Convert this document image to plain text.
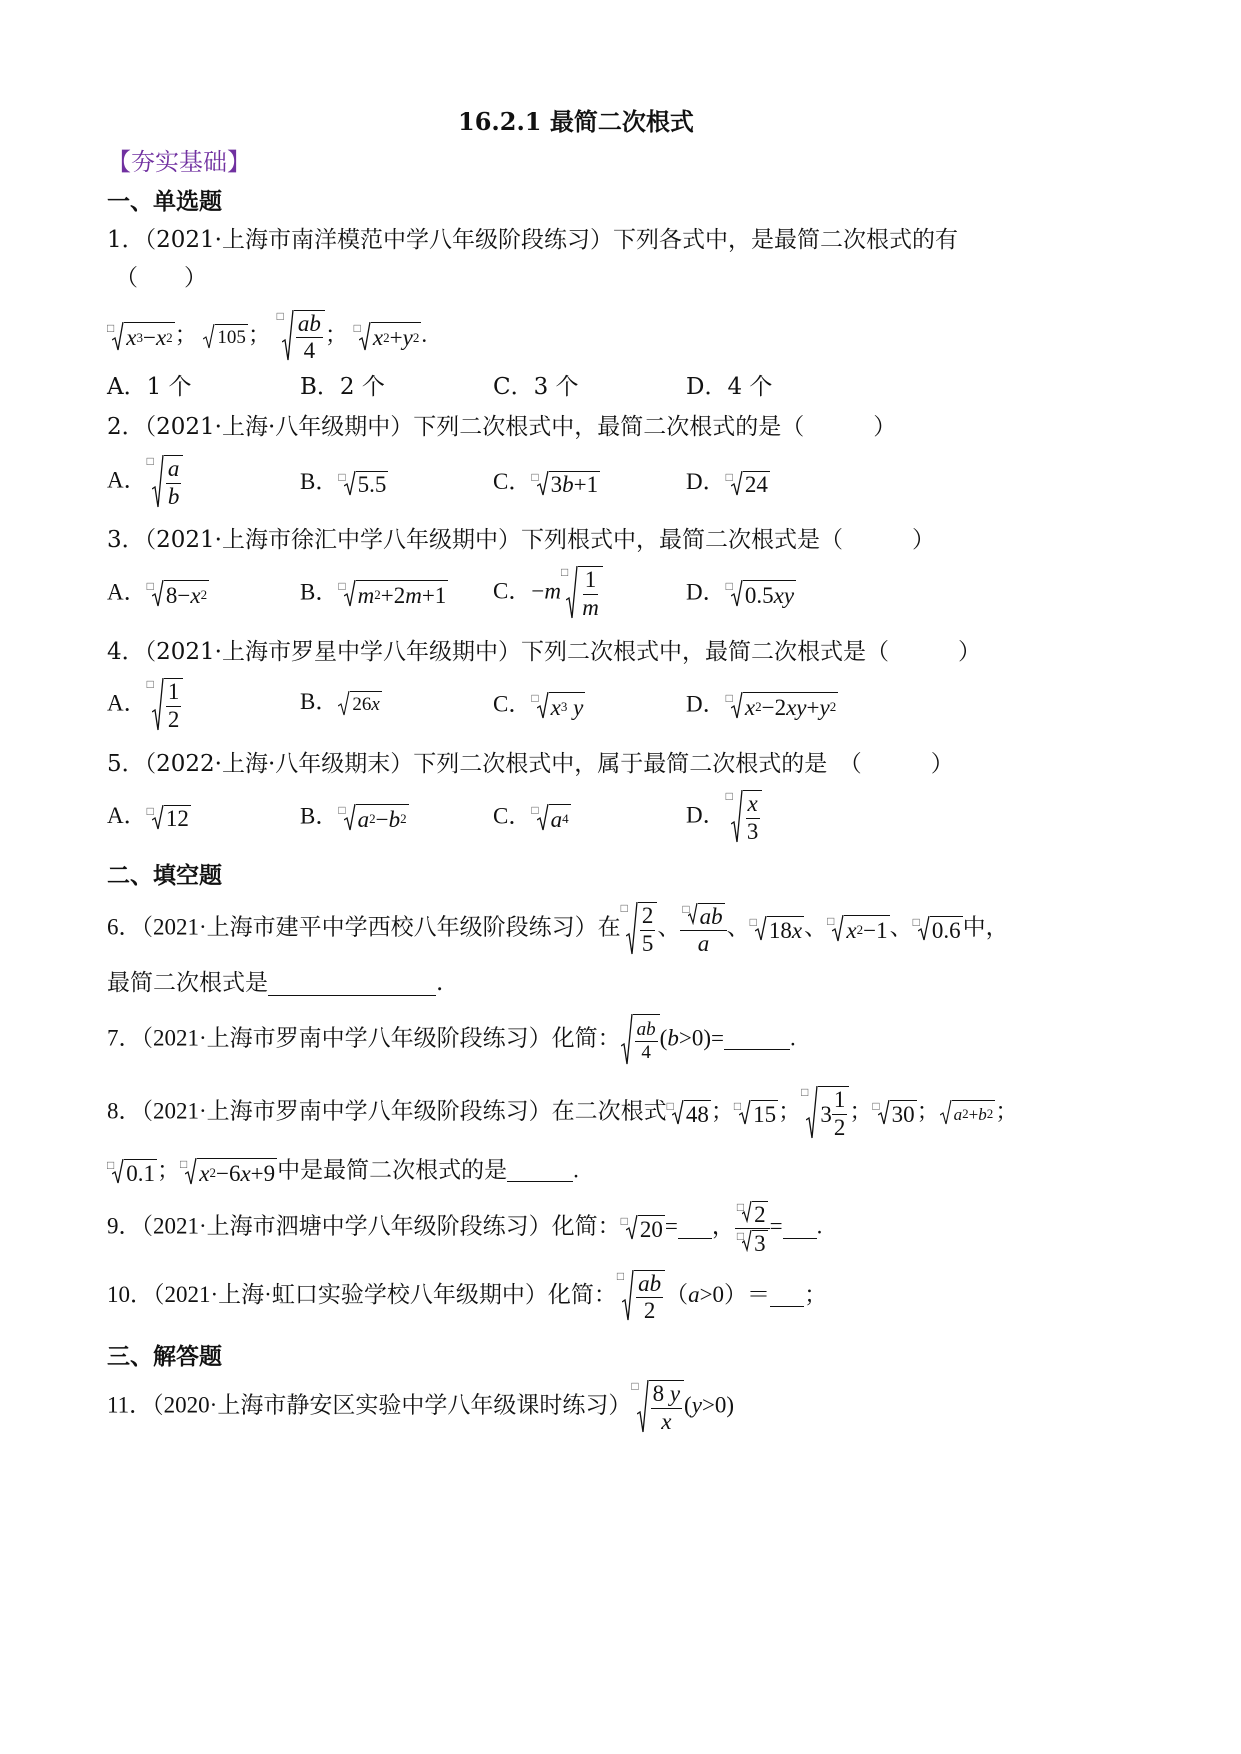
16.2.1 最简二次根式
【夯实基础】
一、单选题
1．（2021·上海市南洋模范中学八年级阶段练习）下列各式中，是最简二次根式的有
（　　）
□ x 3 − x 2 ； 105 ；
□ $\frac{ab}{4}$ ； □ x 2 + y 2 .
A．1 个	B．2 个	C．3 个	D．4 个
2．（2021·上海·八年级期中）下列二次根式中，最简二次根式的是（　　　）
A．
□ $\frac{a}{b}$	B． □ 5.5	C． □ 3 b +1	D． □ 24
3．（2021·上海市徐汇中学八年级期中）下列根式中，最简二次根式是（　　　）
A． □ 8− x 2	B． □ m 2 +2 m +1 C．−m
□ $\frac{1}{m}$	D． □ 0.5 xy
4．（2021·上海市罗星中学八年级期中）下列二次根式中，最简二次根式是（　　　）
A．
□ $\frac{1}{2}$	B． 26 x	C． □ x 3
y	D． □ x 2 −2 xy + y 2
5．（2022·上海·八年级期末）下列二次根式中，属于最简二次根式的是　（　　　）
A． □ 12	B． □ a 2 − b 2	C． □ a 4	D．
□ $\frac{x}{3}$
二、填空题
6．（2021·上海市建平中学西校八年级阶段练习）在
□ $\frac{2}{5}$ 、 $\frac{□ ab}{a}$ 、 □ 18 x 、 □ x 2 −1 、 □ 0.6 中，
最简二次根式是	.
7．（2021·上海市罗南中学八年级阶段练习）化简： $\frac{ab}{4} (b>0)=$	.
8．（2021·上海市罗南中学八年级阶段练习）在二次根式 □ 48 ； □ 15 ；
□
$3 \frac{1}{2}$ ； □ 30 ； a 2 + b 2 ；
□ 0.1 ； □ x 2 −6 x +9 中是最简二次根式的是	.
9．（2021·上海市泗塘中学八年级阶段练习）化简： □ 20 = ， $\frac{□ 2}{□ 3}$ = .
10．（2021·上海·虹口实验学校八年级期中）化简：
□ $\frac{ab}{2} (a>0)=$ ；
三、解答题
11．（2020·上海市静安区实验中学八年级课时练习）
□ $\frac{8 y}{x} (y>0)$
